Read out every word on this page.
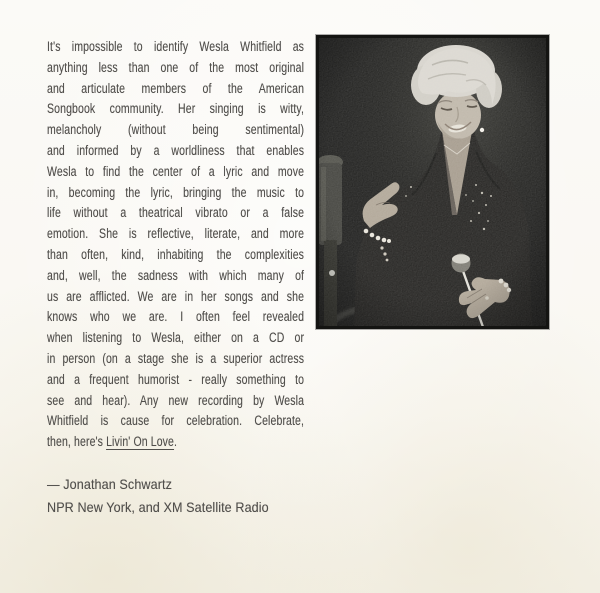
It's impossible to identify Wesla Whitfield as
anything less than one of the most original
and articulate members of the American
Songbook community. Her singing is witty,
melancholy (without being sentimental)
and informed by a worldliness that enables
Wesla to find the center of a lyric and move
in, becoming the lyric, bringing the music to
life without a theatrical vibrato or a false
emotion. She is reflective, literate, and more
than often, kind, inhabiting the complexities
and, well, the sadness with which many of
us are afflicted. We are in her songs and she
knows who we are. I often feel revealed
when listening to Wesla, either on a CD or
in person (on a stage she is a superior actress
and a frequent humorist - really something to
see and hear). Any new recording by Wesla
Whitfield is cause for celebration. Celebrate,
then, here's Livin' On Love.
— Jonathan Schwartz
NPR New York, and XM Satellite Radio
